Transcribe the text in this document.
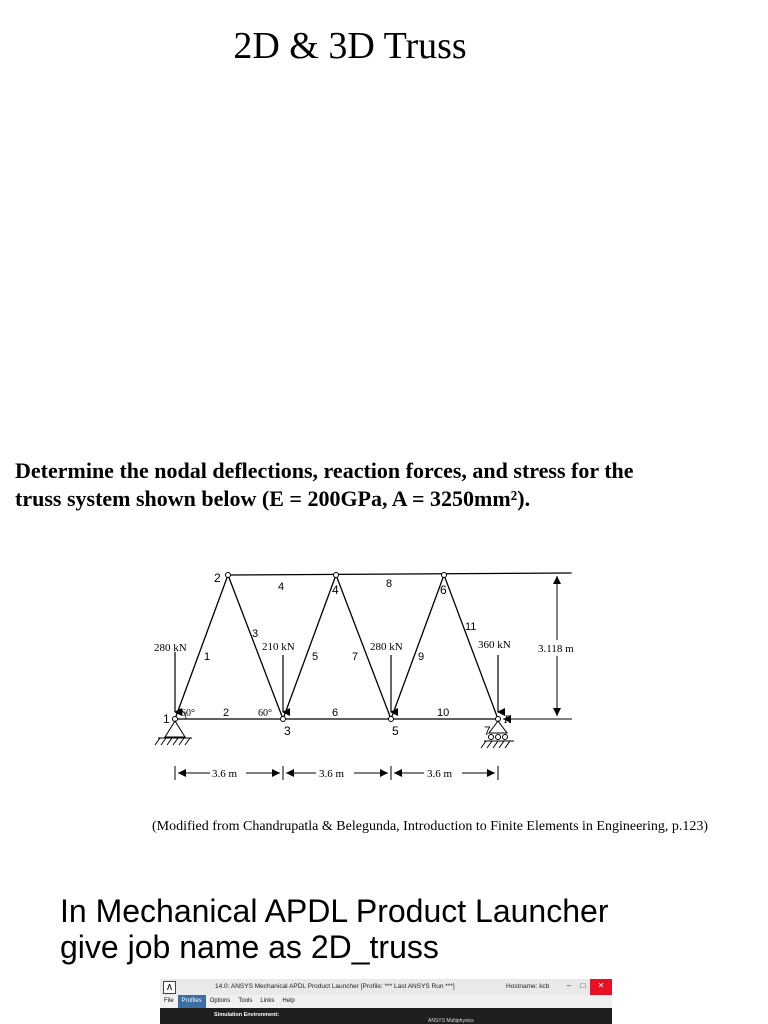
2D & 3D Truss
Determine the nodal deflections, reaction forces, and stress for the
truss system shown below (E = 200GPa, A = 3250mm²).
R
280 kN	210 kN	280 kN	360 kN
60°	60°
1
2
3
4
5
6
7
1
2
3
4
5
6
7
8
9
10
11
3.118 m
3.6 m	3.6 m	3.6 m
(Modified from Chandrupatla & Belegunda, Introduction to Finite Elements in Engineering, p.123)
In Mechanical APDL Product Launcher
give job name as 2D_truss
Λ	14.0: ANSYS Mechanical APDL Product Launcher [Profile: *** Last ANSYS Run ***]	Hostname: kcb	–	□	✕
File	Profiles	Options	Tools	Links	Help
Simulation Environment:
ANSYS Multiphysics
